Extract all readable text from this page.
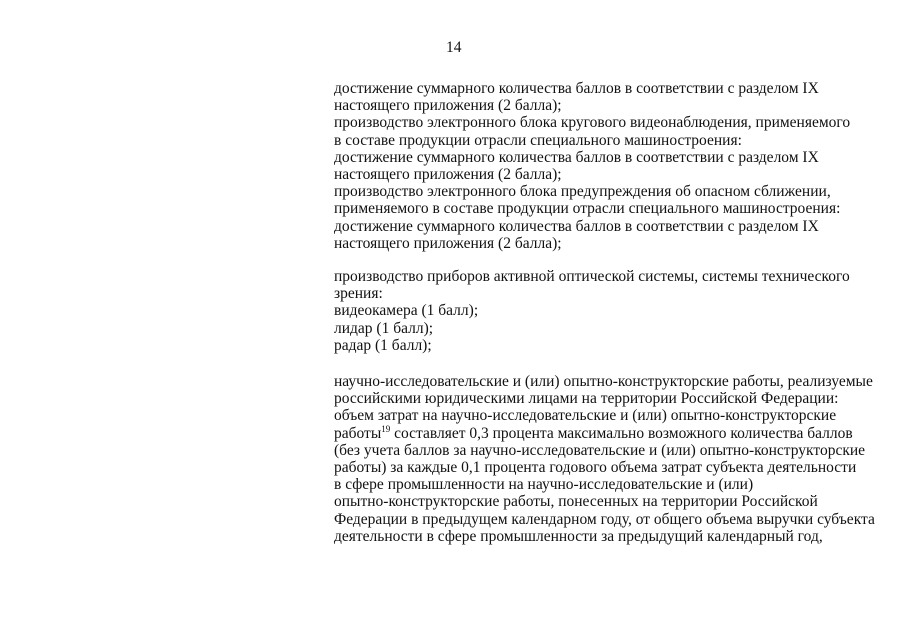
14
достижение суммарного количества баллов в соответствии с разделом IX
настоящего приложения (2 балла);
производство электронного блока кругового видеонаблюдения, применяемого
в составе продукции отрасли специального машиностроения:
достижение суммарного количества баллов в соответствии с разделом IX
настоящего приложения (2 балла);
производство электронного блока предупреждения об опасном сближении,
применяемого в составе продукции отрасли специального машиностроения:
достижение суммарного количества баллов в соответствии с разделом IX
настоящего приложения (2 балла);
производство приборов активной оптической системы, системы технического
зрения:
видеокамера (1 балл);
лидар (1 балл);
радар (1 балл);
научно-исследовательские и (или) опытно-конструкторские работы, реализуемые
российскими юридическими лицами на территории Российской Федерации:
объем затрат на научно-исследовательские и (или) опытно-конструкторские
работы$^{19}$ составляет 0,3 процента максимально возможного количества баллов
(без учета баллов за научно-исследовательские и (или) опытно-конструкторские
работы) за каждые 0,1 процента годового объема затрат субъекта деятельности
в сфере промышленности на научно-исследовательские и (или)
опытно-конструкторские работы, понесенных на территории Российской
Федерации в предыдущем календарном году, от общего объема выручки субъекта
деятельности в сфере промышленности за предыдущий календарный год,
